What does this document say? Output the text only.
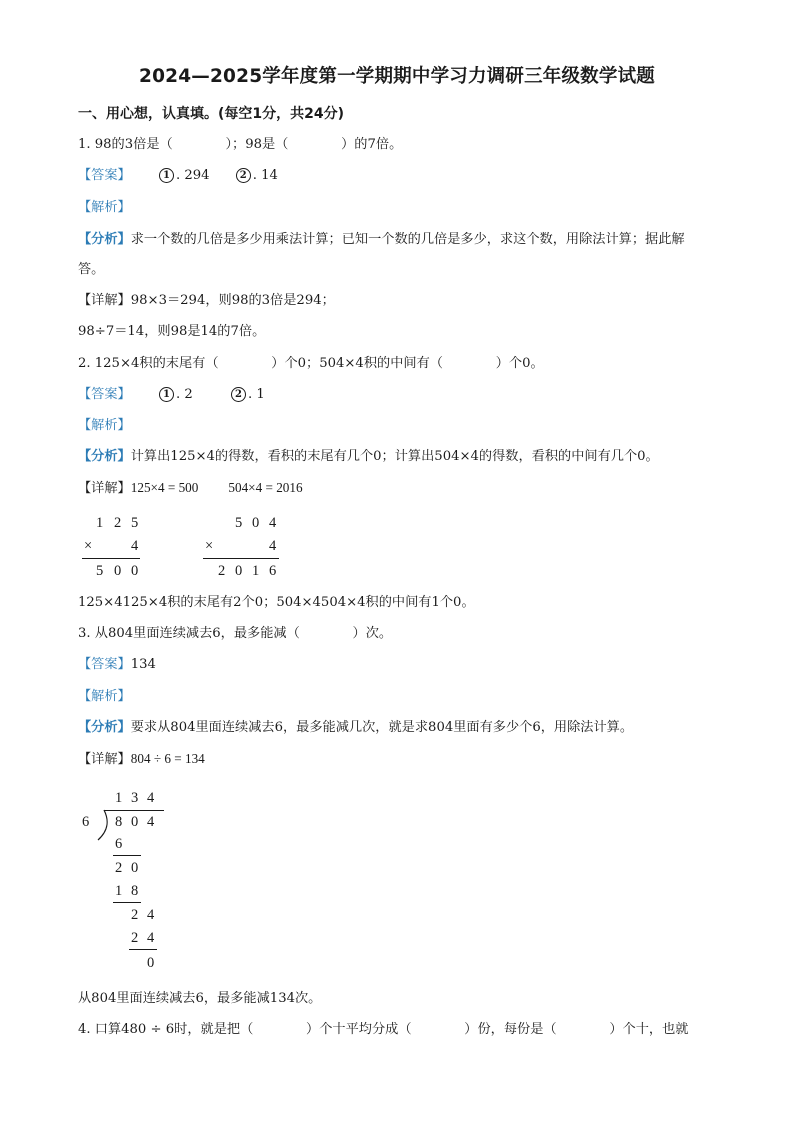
2024—2025学年度第一学期期中学习力调研三年级数学试题
一、用心想，认真填。(每空1分，共24分)
1. 98的3倍是（　　　　）；98是（　　　　）的7倍。
【答案】	1 . 294	2 . 14
【解析】
【分析】求一个数的几倍是多少用乘法计算；已知一个数的几倍是多少，求这个数，用除法计算；据此解
答。
【详解】98×3＝294，则98的3倍是294；
98÷7＝14，则98是14的7倍。
2. 125×4积的末尾有（　　　　）个0；504×4积的中间有（　　　　）个0。
【答案】	1 . 2	2 . 1
【解析】
【分析】计算出125×4的得数，看积的末尾有几个0；计算出504×4的得数，看积的中间有几个0。
【详解】125×4 = 500 504×4 = 2016
1 2 5
×	4
5 0 0
5 0 4
×	4
2 0 1 6
125×4125×4积的末尾有2个0；504×4504×4积的中间有1个0。
3. 从804里面连续减去6，最多能减（　　　　）次。
【答案】134
【解析】
【分析】要求从804里面连续减去6，最多能减几次，就是求804里面有多少个6，用除法计算。
【详解】804 ÷ 6 = 134
1 3 4
6 8 0 4
6
2 0
1 8
2 4
2 4
0
从804里面连续减去6，最多能减134次。
4. 口算480 ÷ 6时，就是把（　　　　）个十平均分成（　　　　）份，每份是（　　　　）个十，也就
